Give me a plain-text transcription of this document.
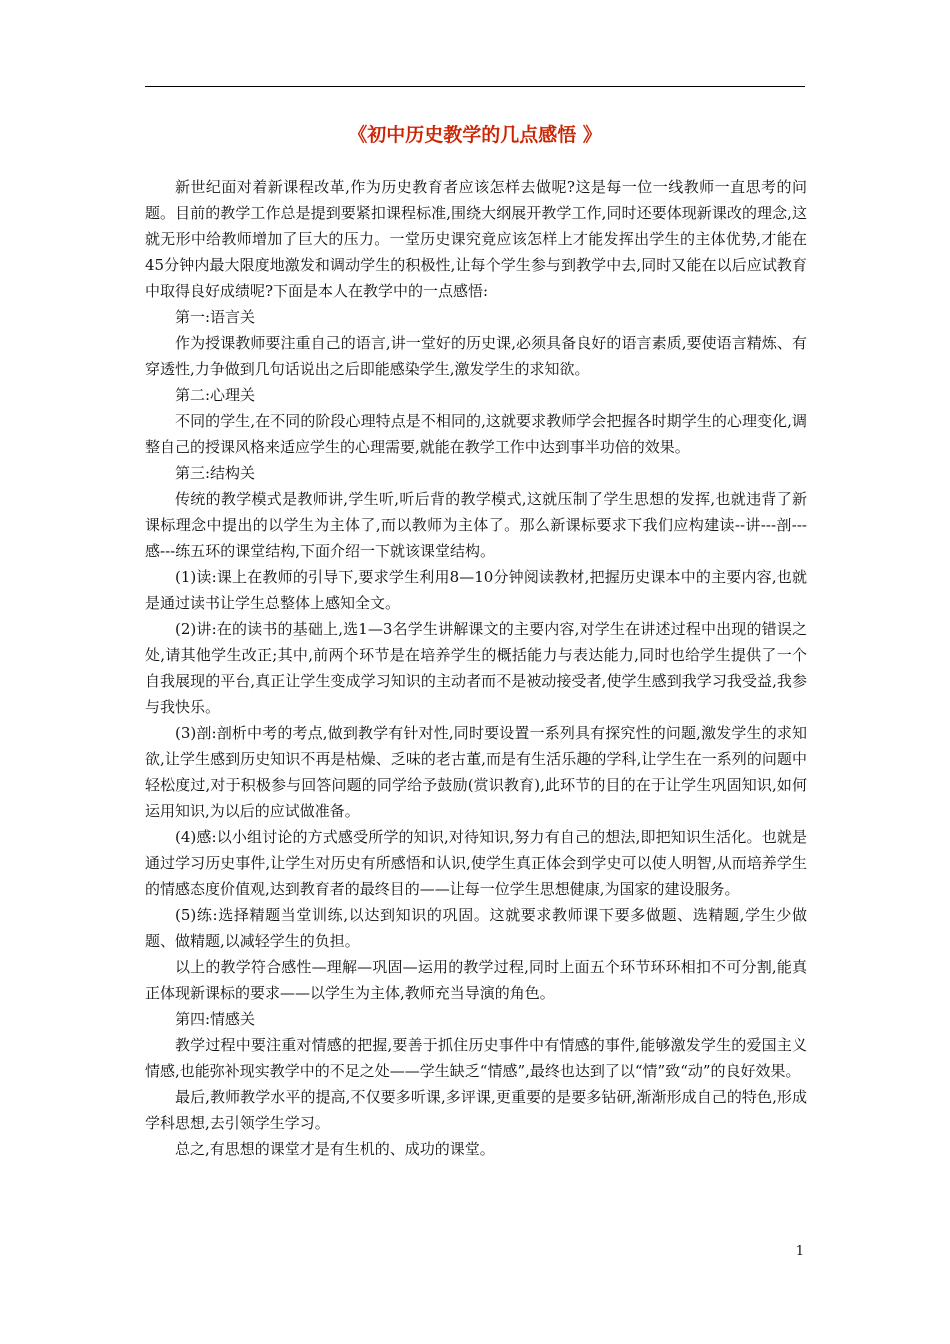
《初中历史教学的几点感悟 》

新世纪面对着新课程改革,作为历史教育者应该怎样去做呢?这是每一位一线教师一直思考的问题。目前的教学工作总是提到要紧扣课程标准,围绕大纲展开教学工作,同时还要体现新课改的理念,这就无形中给教师增加了巨大的压力。一堂历史课究竟应该怎样上才能发挥出学生的主体优势,才能在45分钟内最大限度地激发和调动学生的积极性,让每个学生参与到教学中去,同时又能在以后应试教育中取得良好成绩呢?下面是本人在教学中的一点感悟:

第一:语言关

作为授课教师要注重自己的语言,讲一堂好的历史课,必须具备良好的语言素质,要使语言精炼、有穿透性,力争做到几句话说出之后即能感染学生,激发学生的求知欲。

第二:心理关

不同的学生,在不同的阶段心理特点是不相同的,这就要求教师学会把握各时期学生的心理变化,调整自己的授课风格来适应学生的心理需要,就能在教学工作中达到事半功倍的效果。

第三:结构关

传统的教学模式是教师讲,学生听,听后背的教学模式,这就压制了学生思想的发挥,也就违背了新课标理念中提出的以学生为主体了,而以教师为主体了。那么新课标要求下我们应构建读--讲---剖---感---练五环的课堂结构,下面介绍一下就该课堂结构。

(1)读:课上在教师的引导下,要求学生利用8—10分钟阅读教材,把握历史课本中的主要内容,也就是通过读书让学生总整体上感知全文。

(2)讲:在的读书的基础上,选1—3名学生讲解课文的主要内容,对学生在讲述过程中出现的错误之处,请其他学生改正;其中,前两个环节是在培养学生的概括能力与表达能力,同时也给学生提供了一个自我展现的平台,真正让学生变成学习知识的主动者而不是被动接受者,使学生感到我学习我受益,我参与我快乐。

(3)剖:剖析中考的考点,做到教学有针对性,同时要设置一系列具有探究性的问题,激发学生的求知欲,让学生感到历史知识不再是枯燥、乏味的老古董,而是有生活乐趣的学科,让学生在一系列的问题中轻松度过,对于积极参与回答问题的同学给予鼓励(赏识教育),此环节的目的在于让学生巩固知识,如何运用知识,为以后的应试做准备。

(4)感:以小组讨论的方式感受所学的知识,对待知识,努力有自己的想法,即把知识生活化。也就是通过学习历史事件,让学生对历史有所感悟和认识,使学生真正体会到学史可以使人明智,从而培养学生的情感态度价值观,达到教育者的最终目的——让每一位学生思想健康,为国家的建设服务。

(5)练:选择精题当堂训练,以达到知识的巩固。这就要求教师课下要多做题、选精题,学生少做题、做精题,以减轻学生的负担。

以上的教学符合感性—理解—巩固—运用的教学过程,同时上面五个环节环环相扣不可分割,能真正体现新课标的要求——以学生为主体,教师充当导演的角色。

第四:情感关

教学过程中要注重对情感的把握,要善于抓住历史事件中有情感的事件,能够激发学生的爱国主义情感,也能弥补现实教学中的不足之处——学生缺乏“情感”,最终也达到了以“情”致“动”的良好效果。

最后,教师教学水平的提高,不仅要多听课,多评课,更重要的是要多钻研,渐渐形成自己的特色,形成学科思想,去引领学生学习。

总之,有思想的课堂才是有生机的、成功的课堂。

1
